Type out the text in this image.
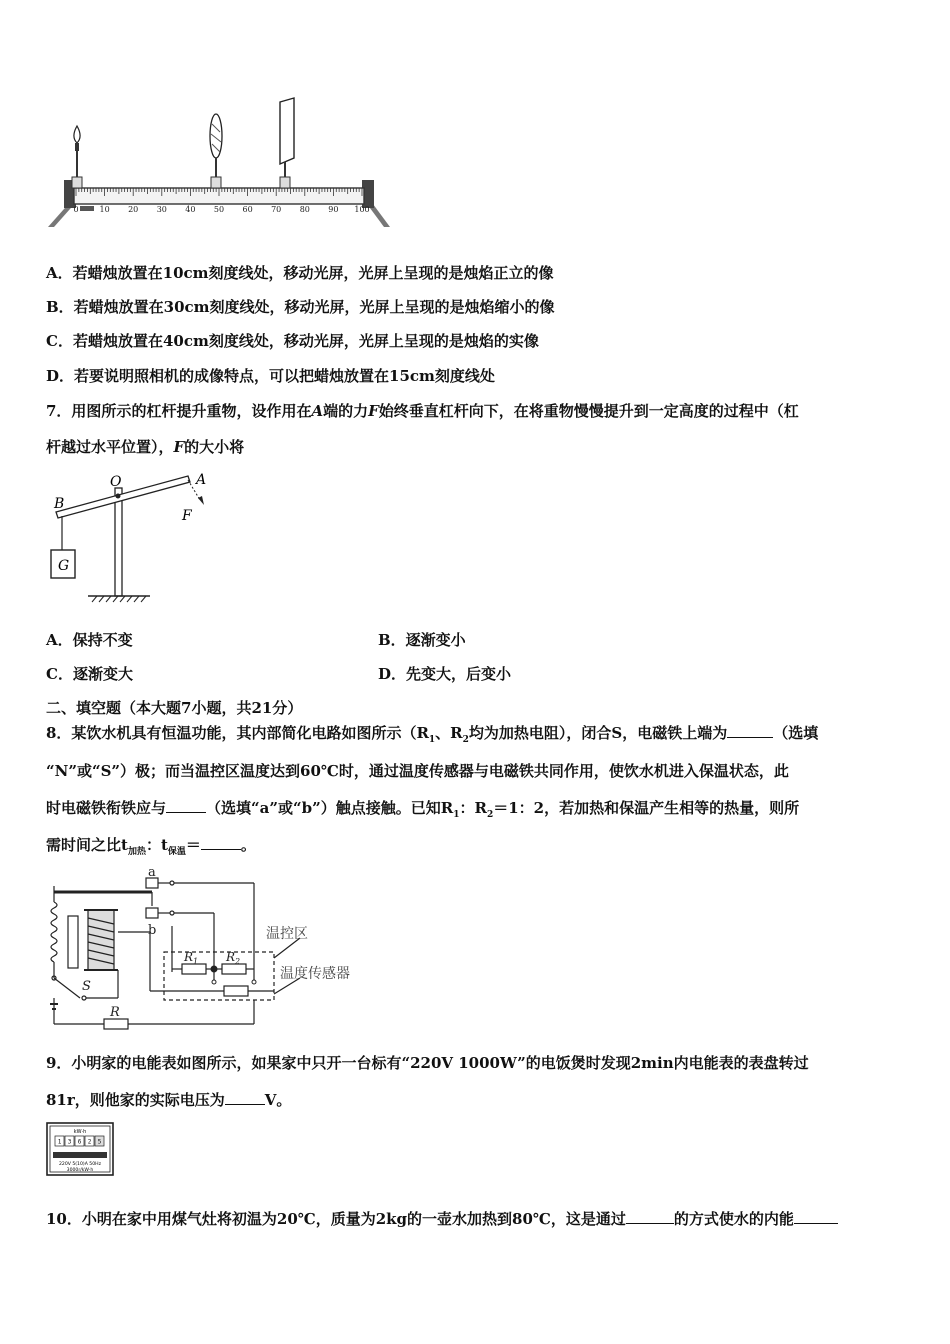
0	10 20 30 40 50 60 70 80 90 100
A．若蜡烛放置在10cm刻度线处，移动光屏，光屏上呈现的是烛焰正立的像
B．若蜡烛放置在30cm刻度线处，移动光屏，光屏上呈现的是烛焰缩小的像
C．若蜡烛放置在40cm刻度线处，移动光屏，光屏上呈现的是烛焰的实像
D．若要说明照相机的成像特点，可以把蜡烛放置在15cm刻度线处
7．用图所示的杠杆提升重物，设作用在A端的力F始终垂直杠杆向下，在将重物慢慢提升到一定高度的过程中（杠
杆越过水平位置），F的大小将
G
O	A
B
F
A．保持不变	B．逐渐变小
C．逐渐变大	D．先变大，后变小
二、填空题（本大题7小题，共21分）
8．某饮水机具有恒温功能，其内部简化电路如图所示（$R_1$、$R_2$均为加热电阻），闭合S，电磁铁上端为	（选填
“N”或“S”）极；而当温控区温度达到60℃时，通过温度传感器与电磁铁共同作用，使饮水机进入保温状态，此
时电磁铁衔铁应与	（选填“a”或“b”）触点接触。已知$R_1$：$R_2=1$：2，若加热和保温产生相等的热量，则所
需时间之比$t_{加热}$：$t_{保温}=$	。
a
b
S
R
$R_1$ $R_2$
温控区
温度传感器
9．小明家的电能表如图所示，如果家中只开一台标有“220V 1000W”的电饭煲时发现2min内电能表的表盘转过
81r，则他家的实际电压为	V。
kW·h
1 3 6 2 5
220V 5(10)A 50Hz
3000r/kW·h
10．小明在家中用煤气灶将初温为20℃，质量为2kg的一壶水加热到80℃，这是通过	的方式使水的内能
